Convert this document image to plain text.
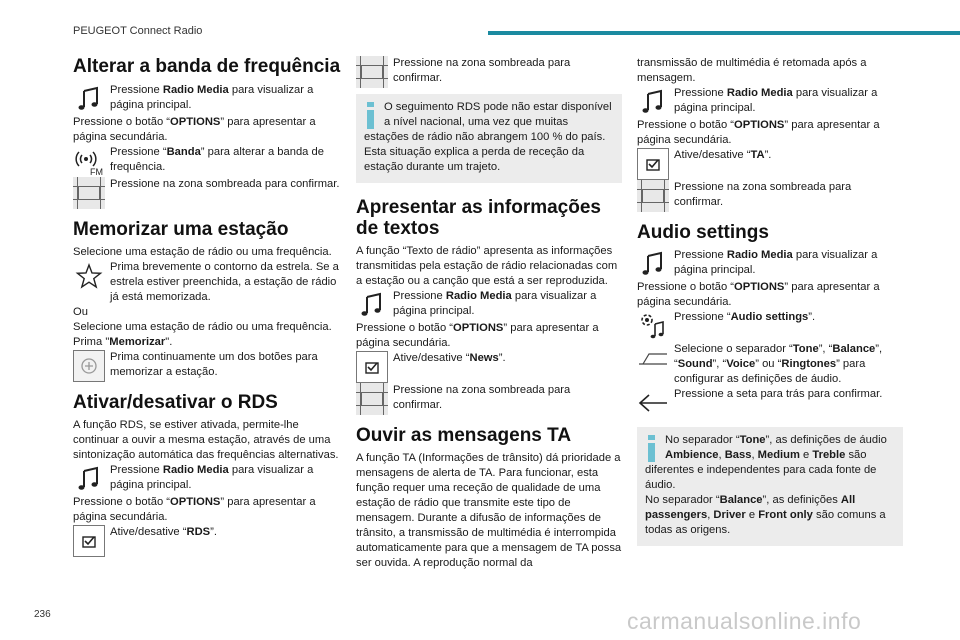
PEUGEOT Connect Radio
Alterar a banda de frequência
Pressione Radio Media para visualizar a página principal.

Pressione o botão “OPTIONS” para apresentar a página secundária.

FM
Pressione “Banda” para alterar a banda de frequência.
Pressione na zona sombreada para confirmar.
Memorizar uma estação

Selecione uma estação de rádio ou uma frequência.

Prima brevemente o contorno da estrela. Se a estrela estiver preenchida, a estação de rádio já está memorizada.

Ou

Selecione uma estação de rádio ou uma frequência.

Prima "Memorizar".

Prima continuamente um dos botões para memorizar a estação.
Ativar/desativar o RDS

A função RDS, se estiver ativada, permite-lhe continuar a ouvir a mesma estação, através de uma sintonização automática das frequências alternativas.

Pressione Radio Media para visualizar a página principal.

Pressione o botão “OPTIONS” para apresentar a página secundária.

Ative/desative “RDS”.
Pressione na zona sombreada para confirmar.
O seguimento RDS pode não estar disponível a nível nacional, uma vez que muitas estações de rádio não abrangem 100 % do país. Esta situação explica a perda de receção da estação durante um trajeto.
Apresentar as informações de textos

A função “Texto de rádio” apresenta as informações transmitidas pela estação de rádio relacionadas com a estação ou a canção que está a ser reproduzida.

Pressione Radio Media para visualizar a página principal.

Pressione o botão “OPTIONS” para apresentar a página secundária.

Ative/desative “News”.
Pressione na zona sombreada para confirmar.
Ouvir as mensagens TA

A função TA (Informações de trânsito) dá prioridade a mensagens de alerta de TA. Para funcionar, esta função requer uma receção de qualidade de uma estação de rádio que transmite este tipo de mensagem. Durante a difusão de informações de trânsito, a transmissão de multimédia é interrompida automaticamente para que a mensagem de TA possa ser ouvida. A reprodução normal da

transmissão de multimédia é retomada após a mensagem.

Pressione Radio Media para visualizar a página principal.

Pressione o botão “OPTIONS” para apresentar a página secundária.

Ative/desative “TA”.
Pressione na zona sombreada para confirmar.
Audio settings
Pressione Radio Media para visualizar a página principal.

Pressione o botão “OPTIONS” para apresentar a página secundária.

Pressione “Audio settings”.
Selecione o separador “Tone”, “Balance”, “Sound”, “Voice” ou “Ringtones” para configurar as definições de áudio.
Pressione a seta para trás para confirmar.
No separador “Tone”, as definições de áudio Ambience, Bass, Medium e Treble são diferentes e independentes para cada fonte de áudio.
No separador “Balance”, as definições All passengers, Driver e Front only são comuns a todas as origens.
236	carmanualsonline.info
